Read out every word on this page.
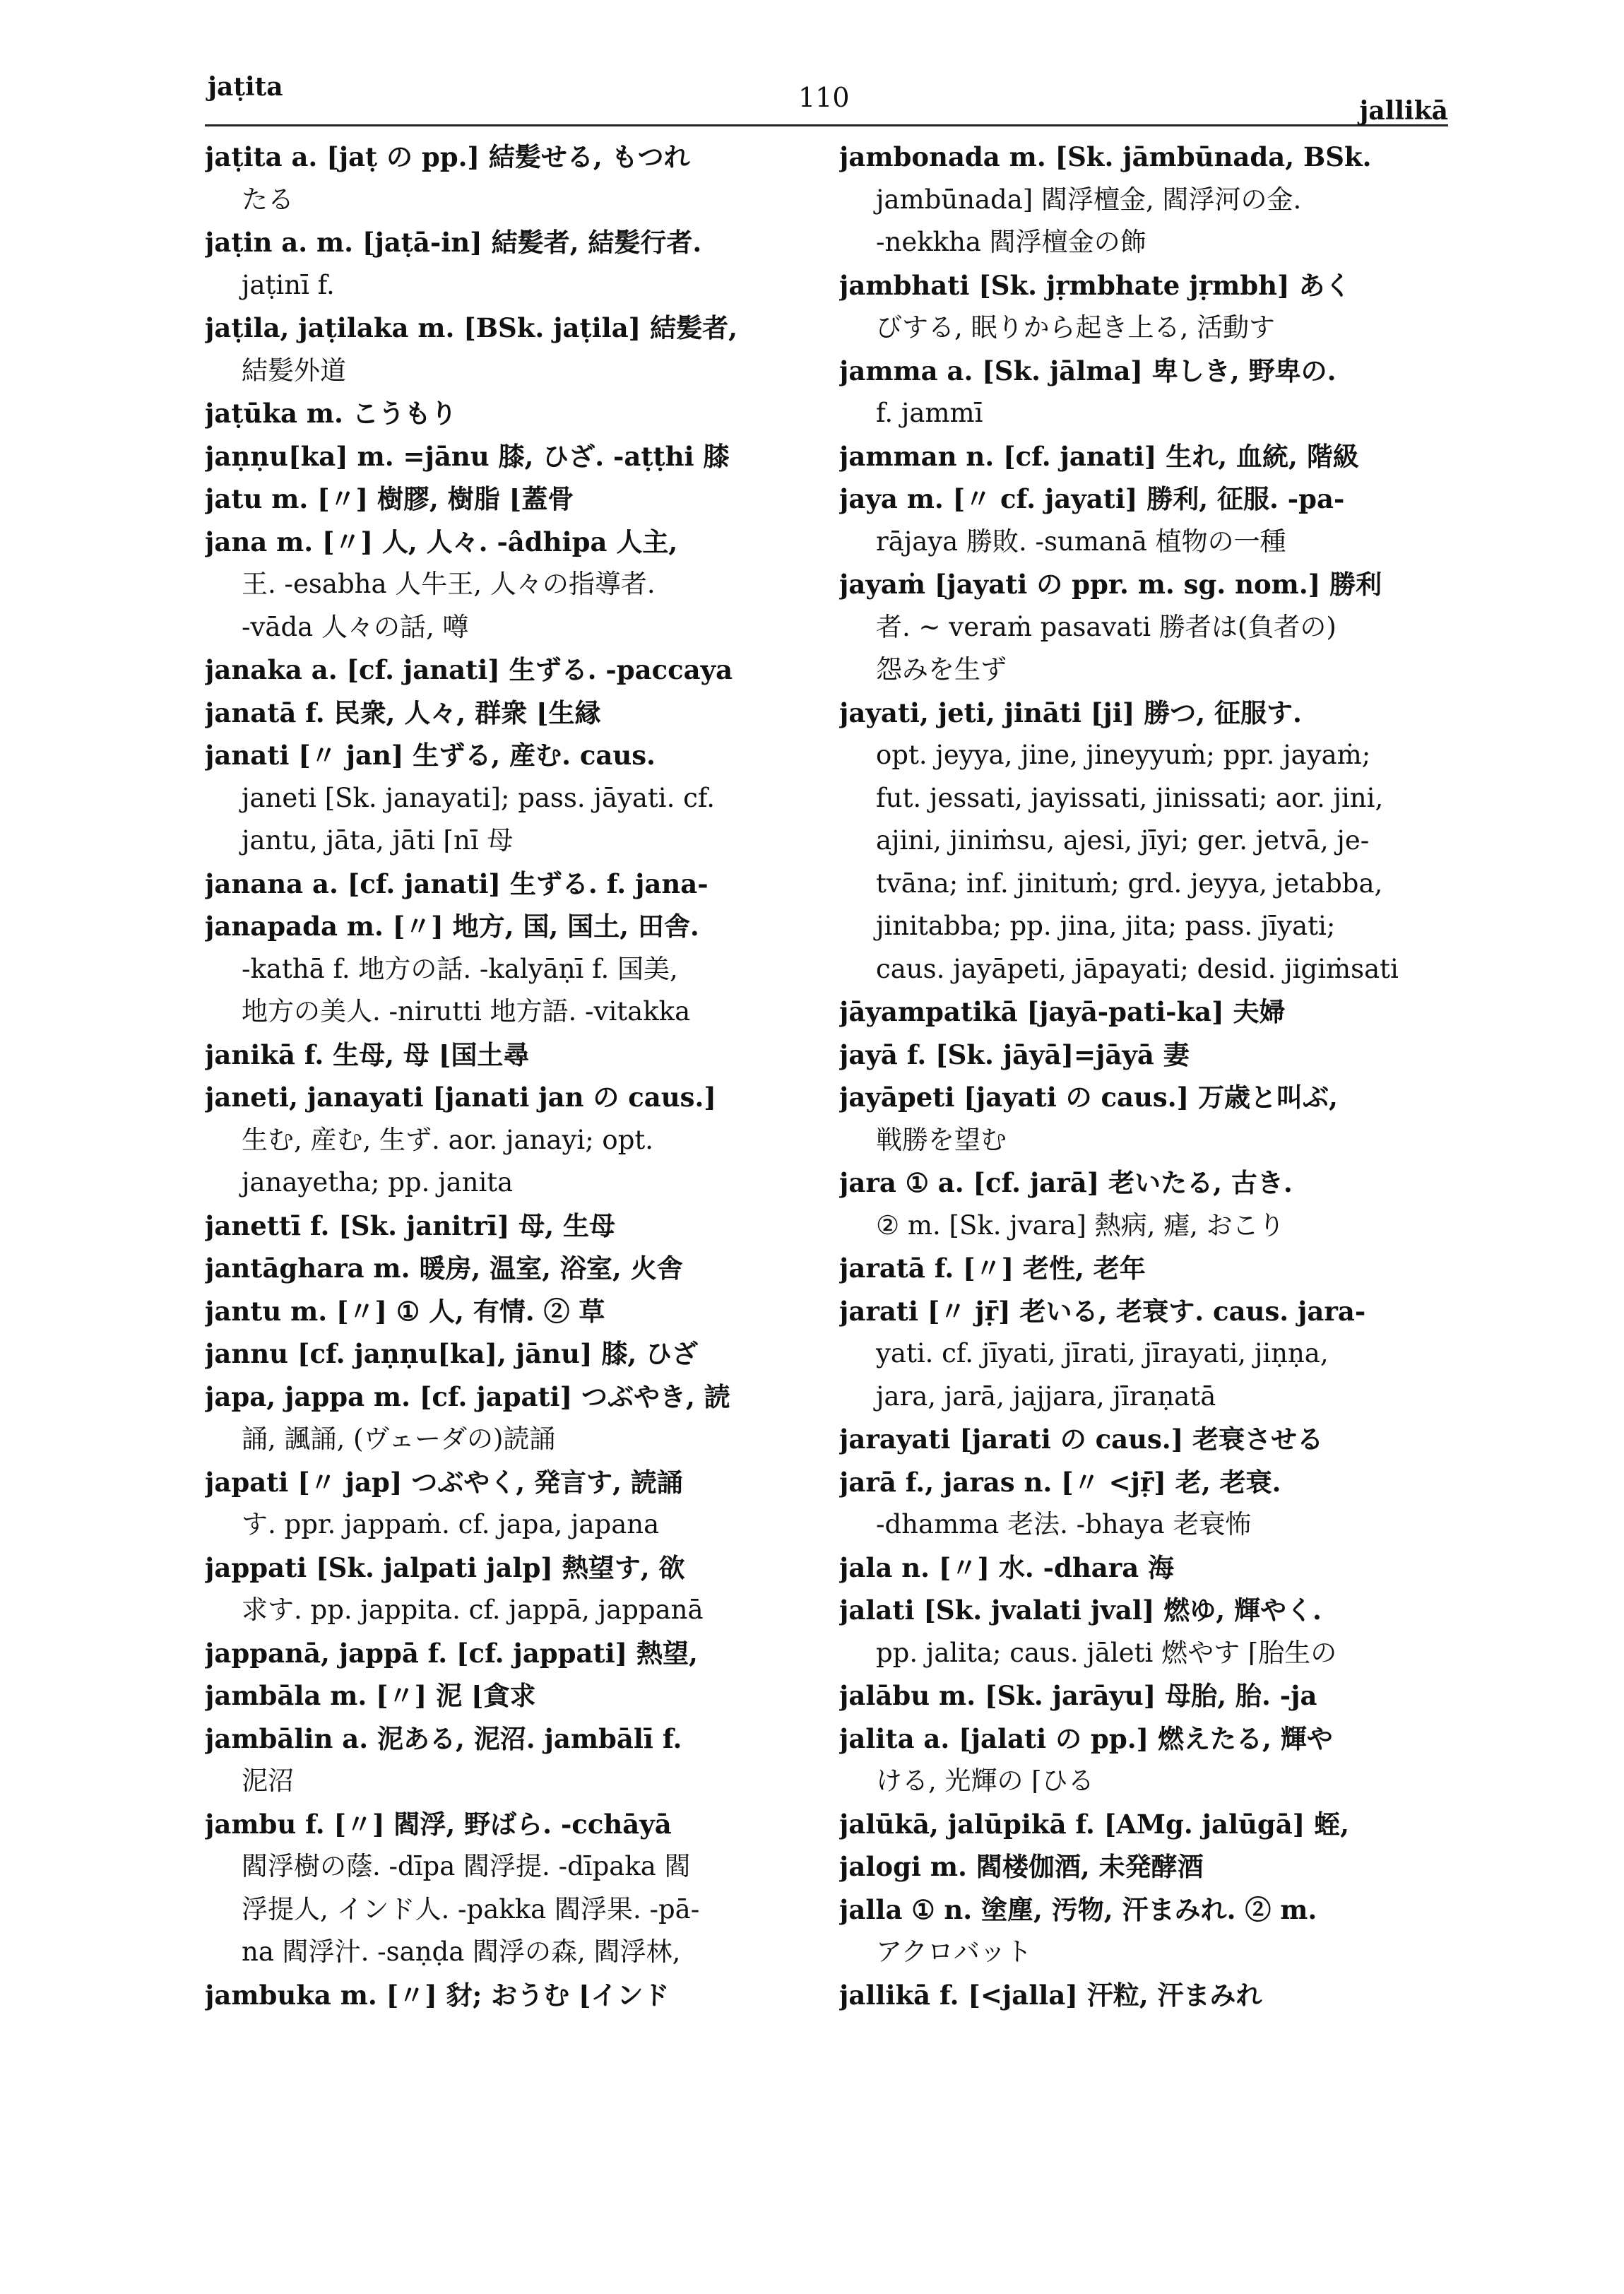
jaṭita	110	jallikā
jaṭita a. [jaṭ の pp.] 結髪せる, もつれ
たる
jaṭin a. m. [jaṭā-in] 結髪者, 結髪行者.
jaṭinī f.
jaṭila, jaṭilaka m. [BSk. jaṭila] 結髪者,
結髪外道
jaṭūka m. こうもり
jaṇṇu[ka] m. =jānu 膝, ひざ. -aṭṭhi 膝
jatu m. [〃] 樹膠, 樹脂 ⌊蓋骨
jana m. [〃] 人, 人々. -âdhipa 人主,
王. -esabha 人牛王, 人々の指導者.
-vāda 人々の話, 噂
janaka a. [cf. janati] 生ずる. -paccaya
janatā f. 民衆, 人々, 群衆 ⌊生縁
janati [〃 jan] 生ずる, 産む. caus.
janeti [Sk. janayati]; pass. jāyati. cf.
jantu, jāta, jāti ⌈nī 母
janana a. [cf. janati] 生ずる. f. jana-
janapada m. [〃] 地方, 国, 国土, 田舎.
-kathā f. 地方の話. -kalyāṇī f. 国美,
地方の美人. -nirutti 地方語. -vitakka
janikā f. 生母, 母 ⌊国土尋
janeti, janayati [janati jan の caus.]
生む, 産む, 生ず. aor. janayi; opt.
janayetha; pp. janita
janettī f. [Sk. janitrī] 母, 生母
jantāghara m. 暖房, 温室, 浴室, 火舎
jantu m. [〃] ① 人, 有情. ② 草
jannu [cf. jaṇṇu[ka], jānu] 膝, ひざ
japa, jappa m. [cf. japati] つぶやき, 読
誦, 諷誦, (ヴェーダの)読誦
japati [〃 jap] つぶやく, 発言す, 読誦
す. ppr. jappaṁ. cf. japa, japana
jappati [Sk. jalpati jalp] 熱望す, 欲
求す. pp. jappita. cf. jappā, jappanā
jappanā, jappā f. [cf. jappati] 熱望,
jambāla m. [〃] 泥 ⌊貪求
jambālin a. 泥ある, 泥沼. jambālī f.
泥沼
jambu f. [〃] 閻浮, 野ばら. -cchāyā
閻浮樹の蔭. -dīpa 閻浮提. -dīpaka 閻
浮提人, インド人. -pakka 閻浮果. -pā-
na 閻浮汁. -saṇḍa 閻浮の森, 閻浮林,
jambuka m. [〃] 豺; おうむ ⌊インド
jambonada m. [Sk. jāmbūnada, BSk.
jambūnada] 閻浮檀金, 閻浮河の金.
-nekkha 閻浮檀金の飾
jambhati [Sk. jṛmbhate jṛmbh] あく
びする, 眠りから起き上る, 活動す
jamma a. [Sk. jālma] 卑しき, 野卑の.
f. jammī
jamman n. [cf. janati] 生れ, 血統, 階級
jaya m. [〃 cf. jayati] 勝利, 征服. -pa-
rājaya 勝敗. -sumanā 植物の一種
jayaṁ [jayati の ppr. m. sg. nom.] 勝利
者. ~ veraṁ pasavati 勝者は(負者の)
怨みを生ず
jayati, jeti, jināti [ji] 勝つ, 征服す.
opt. jeyya, jine, jineyyuṁ; ppr. jayaṁ;
fut. jessati, jayissati, jinissati; aor. jini,
ajini, jiniṁsu, ajesi, jīyi; ger. jetvā, je-
tvāna; inf. jinituṁ; grd. jeyya, jetabba,
jinitabba; pp. jina, jita; pass. jīyati;
caus. jayāpeti, jāpayati; desid. jigiṁsati
jāyampatikā [jayā-pati-ka] 夫婦
jayā f. [Sk. jāyā]=jāyā 妻
jayāpeti [jayati の caus.] 万歳と叫ぶ,
戦勝を望む
jara ① a. [cf. jarā] 老いたる, 古き.
② m. [Sk. jvara] 熱病, 瘧, おこり
jaratā f. [〃] 老性, 老年
jarati [〃 jṝ] 老いる, 老衰す. caus. jara-
yati. cf. jīyati, jīrati, jīrayati, jiṇṇa,
jara, jarā, jajjara, jīraṇatā
jarayati [jarati の caus.] 老衰させる
jarā f., jaras n. [〃 <jṝ] 老, 老衰.
-dhamma 老法. -bhaya 老衰怖
jala n. [〃] 水. -dhara 海
jalati [Sk. jvalati jval] 燃ゆ, 輝やく.
pp. jalita; caus. jāleti 燃やす ⌈胎生の
jalābu m. [Sk. jarāyu] 母胎, 胎. -ja
jalita a. [jalati の pp.] 燃えたる, 輝や
ける, 光輝の ⌈ひる
jalūkā, jalūpikā f. [AMg. jalūgā] 蛭,
jalogi m. 閻楼伽酒, 未発酵酒
jalla ① n. 塗塵, 汚物, 汗まみれ. ② m.
アクロバット
jallikā f. [<jalla] 汗粒, 汗まみれ
